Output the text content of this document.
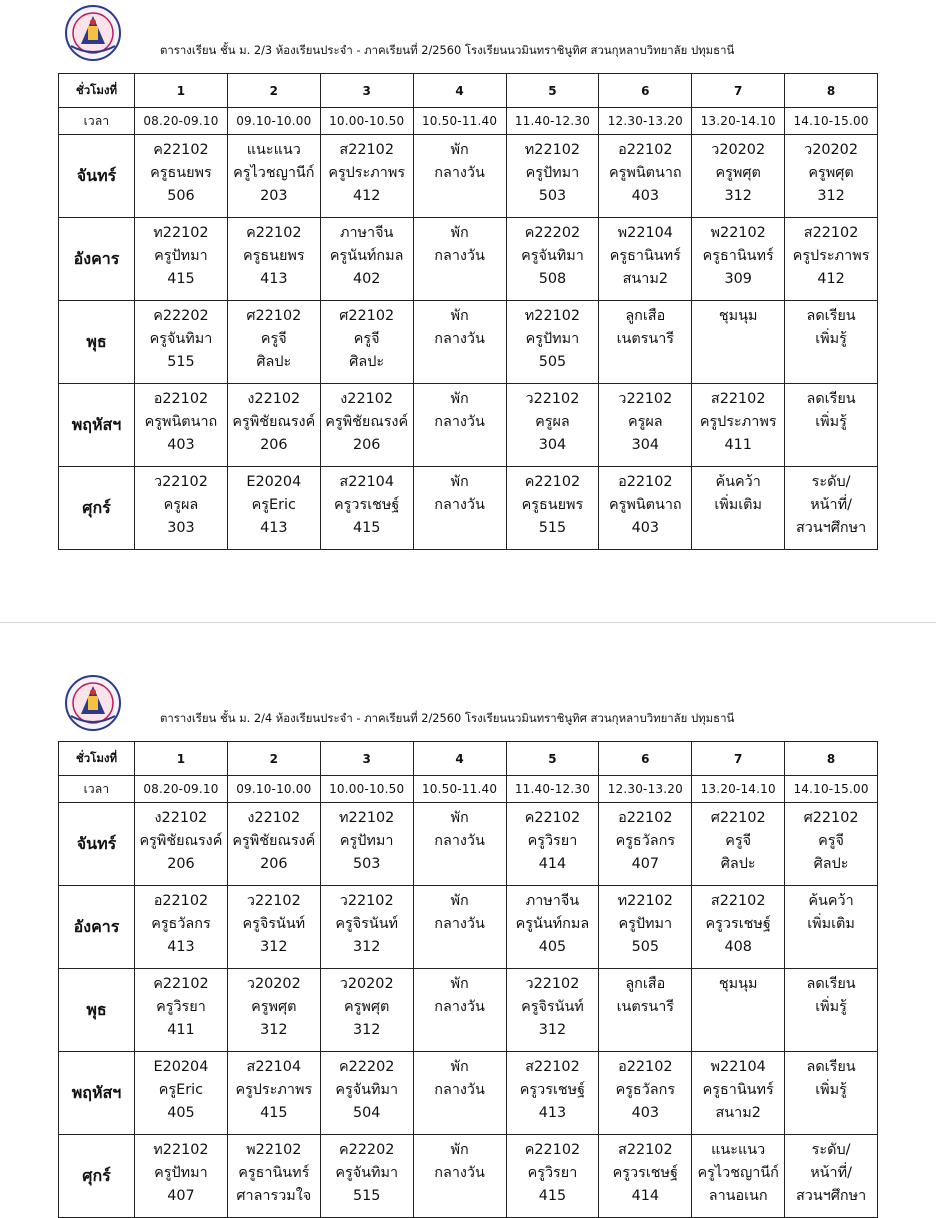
ตารางเรียน ชั้น ม. 2/3 ห้องเรียนประจำ - ภาคเรียนที่ 2/2560 โรงเรียนนวมินทราชินูทิศ สวนกุหลาบวิทยาลัย ปทุมธานี
ชั่วโมงที่	1	2	3	4	5	6	7	8
เวลา	08.20-09.10	09.10-10.00	10.00-10.50	10.50-11.40	11.40-12.30	12.30-13.20	13.20-14.10	14.10-15.00
จันทร์	ค22102
ครูธนยพร
506	แนะแนว
ครูไวชญานีก์
203	ส22102
ครูประภาพร
412	พัก
กลางวัน	ท22102
ครูปัทมา
503	อ22102
ครูพนิตนาถ
403	ว20202
ครูพศุต
312	ว20202
ครูพศุต
312

อังคาร	ท22102
ครูปัทมา
415	ค22102
ครูธนยพร
413	ภาษาจีน
ครูนันท์กมล
402	พัก
กลางวัน	ค22202
ครูจันทิมา
508	พ22104
ครูธานินทร์
สนาม2	พ22102
ครูธานินทร์
309	ส22102
ครูประภาพร
412

พุธ	ค22202
ครูจันทิมา
515	ศ22102
ครูจี
ศิลปะ	ศ22102
ครูจี
ศิลปะ	พัก
กลางวัน	ท22102
ครูปัทมา
505	ลูกเสือ
เนตรนารี	ชุมนุม	ลดเรียน
เพิ่มรู้

พฤหัสฯ	อ22102
ครูพนิตนาถ
403	ง22102
ครูพิชัยณรงค์
206	ง22102
ครูพิชัยณรงค์
206	พัก
กลางวัน	ว22102
ครูผล
304	ว22102
ครูผล
304	ส22102
ครูประภาพร
411	ลดเรียน
เพิ่มรู้

ศุกร์	ว22102
ครูผล
303	E20204
ครูEric
413	ส22104
ครูวรเชษฐ์
415	พัก
กลางวัน	ค22102
ครูธนยพร
515	อ22102
ครูพนิตนาถ
403	ค้นคว้า
เพิ่มเติม	ระดับ/
หน้าที่/
สวนฯศึกษา
ตารางเรียน ชั้น ม. 2/4 ห้องเรียนประจำ - ภาคเรียนที่ 2/2560 โรงเรียนนวมินทราชินูทิศ สวนกุหลาบวิทยาลัย ปทุมธานี
ชั่วโมงที่	1	2	3	4	5	6	7	8
เวลา	08.20-09.10	09.10-10.00	10.00-10.50	10.50-11.40	11.40-12.30	12.30-13.20	13.20-14.10	14.10-15.00
จันทร์	ง22102
ครูพิชัยณรงค์
206	ง22102
ครูพิชัยณรงค์
206	ท22102
ครูปัทมา
503	พัก
กลางวัน	ค22102
ครูวิรยา
414	อ22102
ครูธวัลกร
407	ศ22102
ครูจี
ศิลปะ	ศ22102
ครูจี
ศิลปะ

อังคาร	อ22102
ครูธวัลกร
413	ว22102
ครูจิรนันท์
312	ว22102
ครูจิรนันท์
312	พัก
กลางวัน	ภาษาจีน
ครูนันท์กมล
405	ท22102
ครูปัทมา
505	ส22102
ครูวรเชษฐ์
408	ค้นคว้า
เพิ่มเติม

พุธ	ค22102
ครูวิรยา
411	ว20202
ครูพศุต
312	ว20202
ครูพศุต
312	พัก
กลางวัน	ว22102
ครูจิรนันท์
312	ลูกเสือ
เนตรนารี	ชุมนุม	ลดเรียน
เพิ่มรู้

พฤหัสฯ	E20204
ครูEric
405	ส22104
ครูประภาพร
415	ค22202
ครูจันทิมา
504	พัก
กลางวัน	ส22102
ครูวรเชษฐ์
413	อ22102
ครูธวัลกร
403	พ22104
ครูธานินทร์
สนาม2	ลดเรียน
เพิ่มรู้

ศุกร์	ท22102
ครูปัทมา
407	พ22102
ครูธานินทร์
ศาลารวมใจ	ค22202
ครูจันทิมา
515	พัก
กลางวัน	ค22102
ครูวิรยา
415	ส22102
ครูวรเชษฐ์
414	แนะแนว
ครูไวชญานีก์
ลานอเนก	ระดับ/
หน้าที่/
สวนฯศึกษา
